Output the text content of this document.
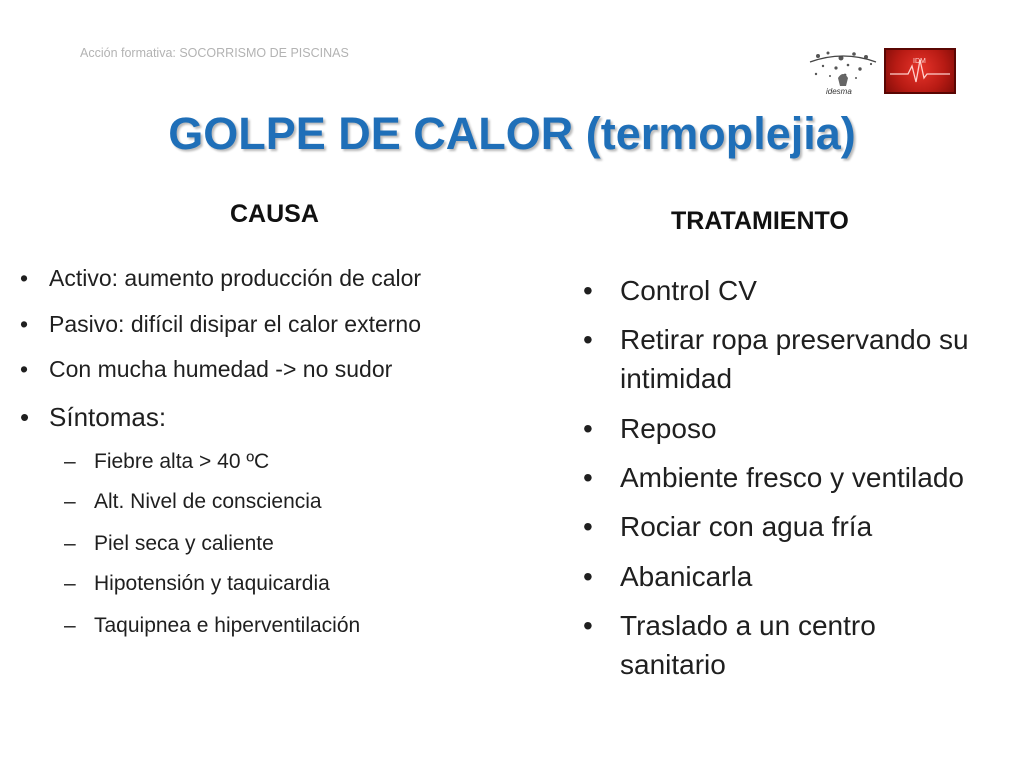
Acción formativa: SOCORRISMO DE PISCINAS
idesma
IDM
GOLPE DE CALOR (termoplejia)
CAUSA
• Activo: aumento producción de calor
• Pasivo: difícil disipar el calor externo
• Con mucha humedad -> no sudor
• Síntomas:
– Fiebre alta > 40 ºC
– Alt. Nivel de consciencia
– Piel seca y caliente
– Hipotensión y taquicardia
– Taquipnea e hiperventilación
TRATAMIENTO
• Control CV
• Retirar ropa preservando su
intimidad
• Reposo
• Ambiente fresco y ventilado
• Rociar con agua fría
• Abanicarla
• Traslado a un centro
sanitario
